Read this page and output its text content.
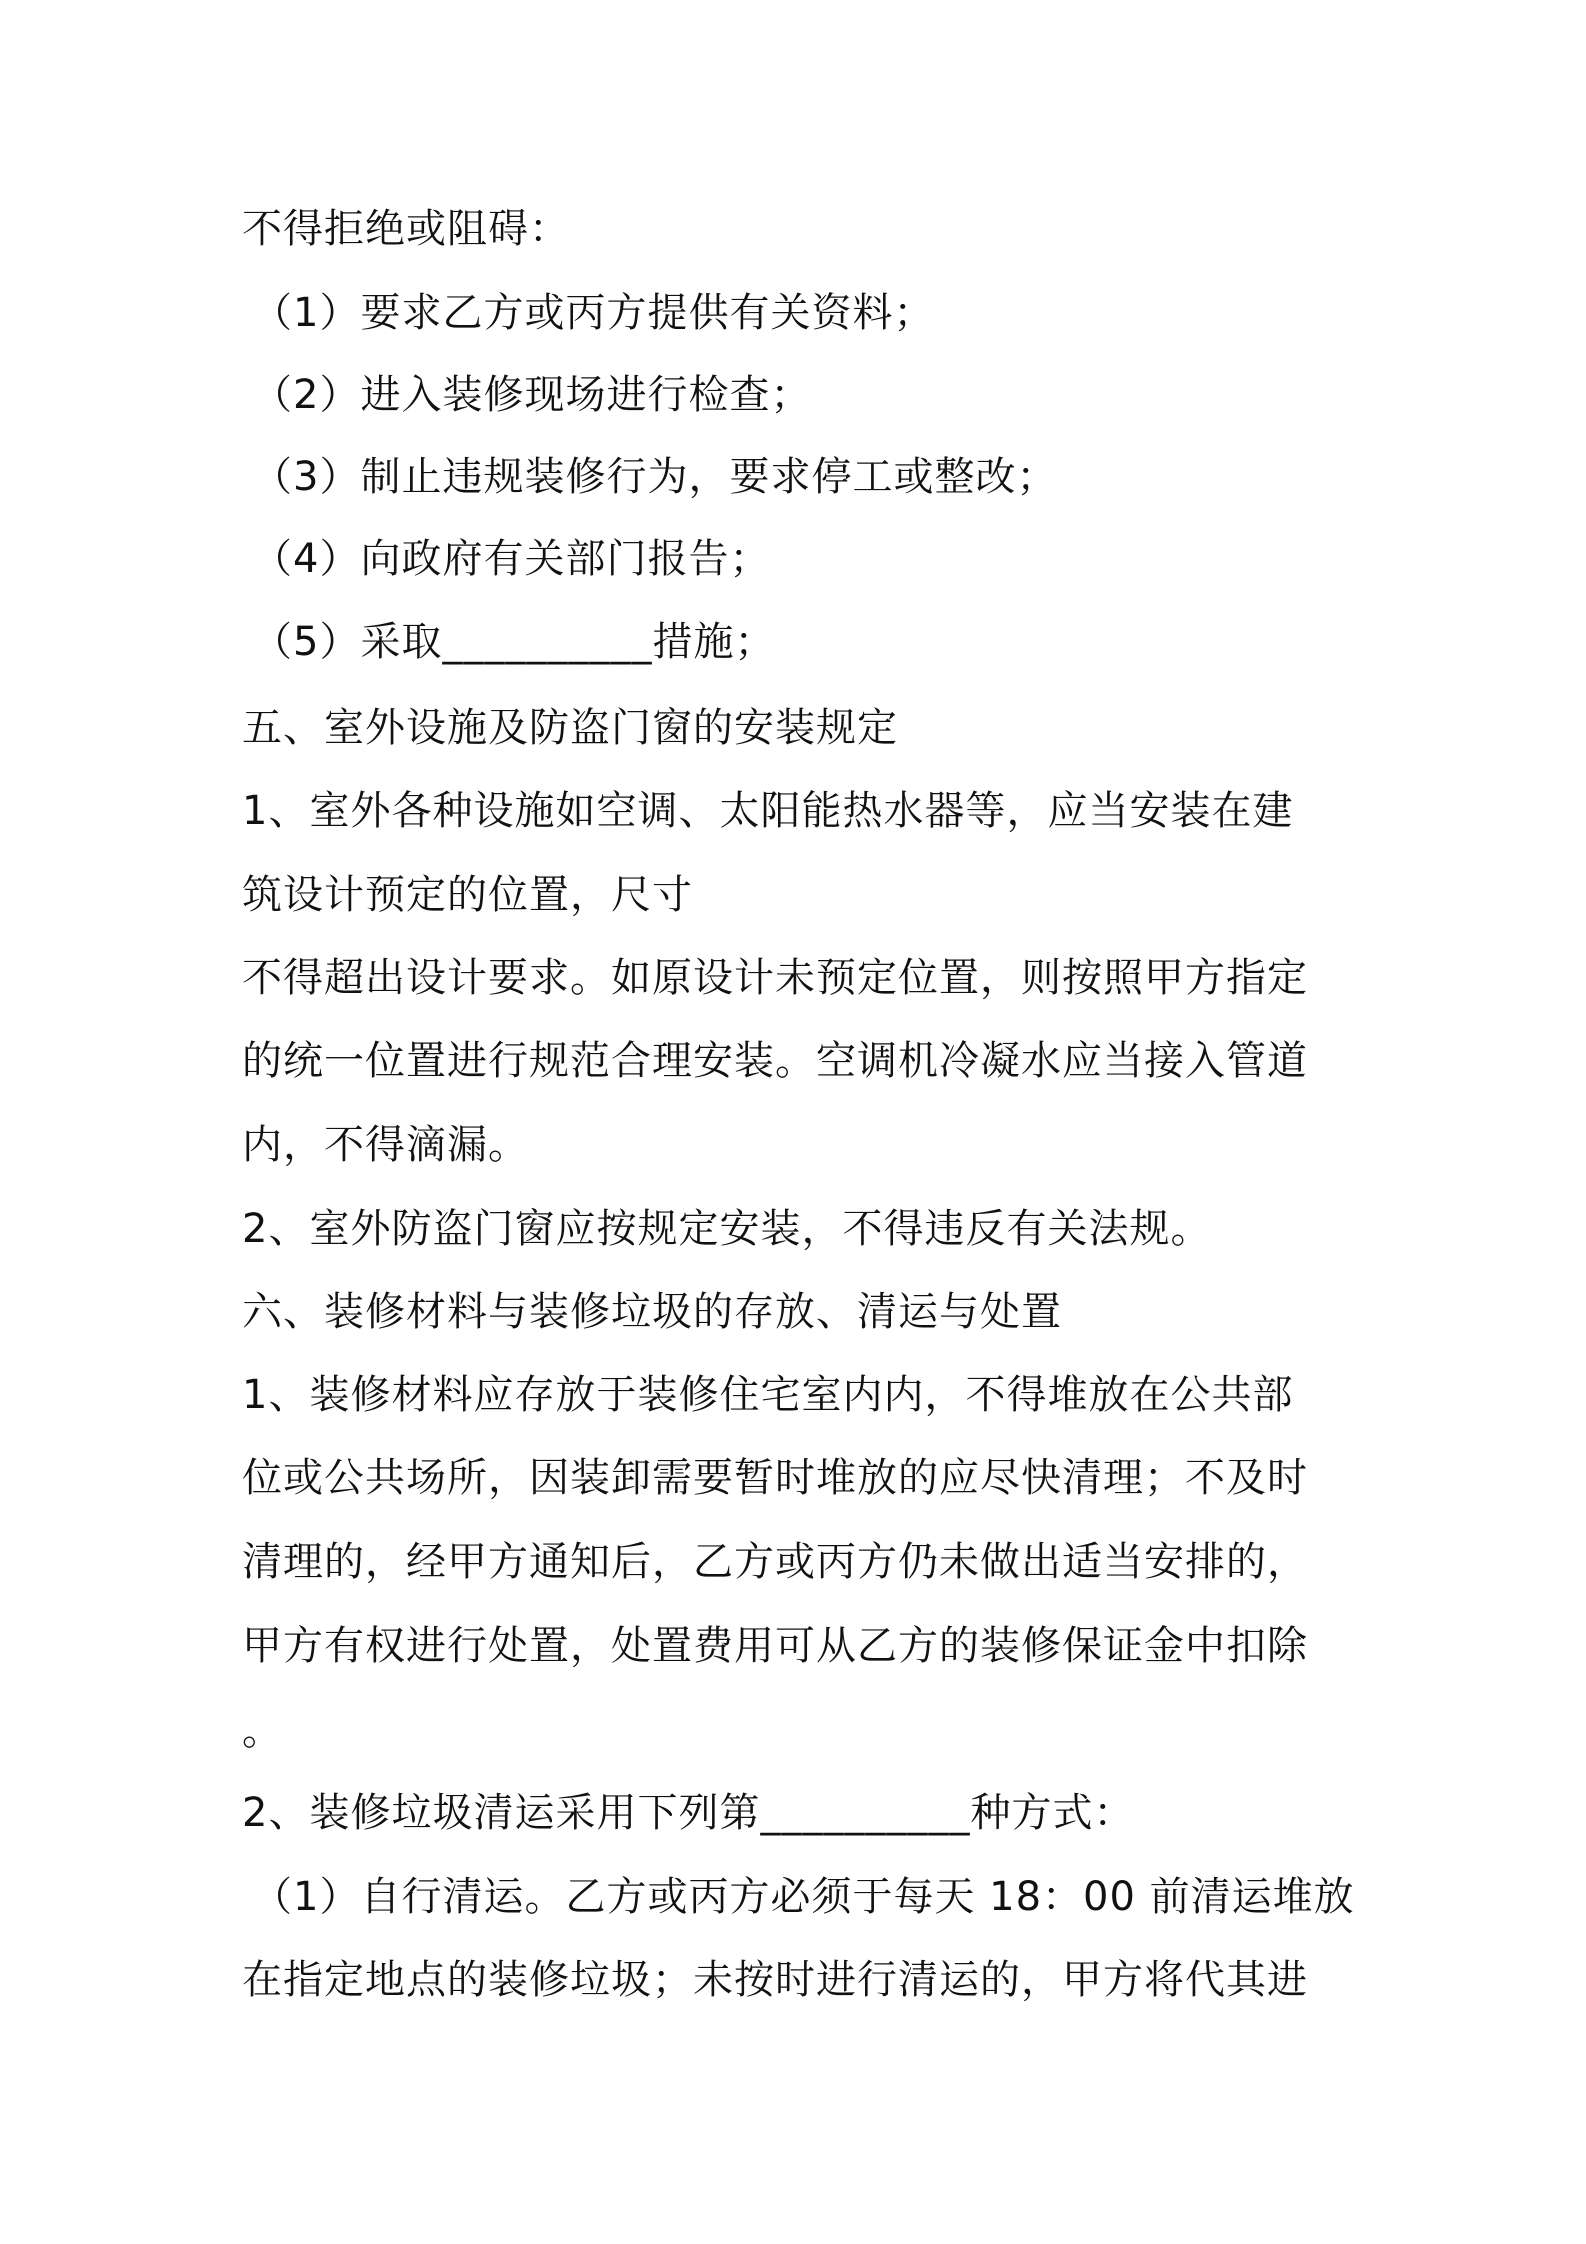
不得拒绝或阻碍：
（1）要求乙方或丙方提供有关资料；
（2）进入装修现场进行检查；
（3）制止违规装修行为，要求停工或整改；
（4）向政府有关部门报告；
（5）采取__________措施；
五、室外设施及防盗门窗的安装规定
1、室外各种设施如空调、太阳能热水器等，应当安装在建
筑设计预定的位置，尺寸
不得超出设计要求。如原设计未预定位置，则按照甲方指定
的统一位置进行规范合理安装。空调机冷凝水应当接入管道
内，不得滴漏。
2、室外防盗门窗应按规定安装，不得违反有关法规。
六、装修材料与装修垃圾的存放、清运与处置
1、装修材料应存放于装修住宅室内内，不得堆放在公共部
位或公共场所，因装卸需要暂时堆放的应尽快清理；不及时
清理的，经甲方通知后，乙方或丙方仍未做出适当安排的，
甲方有权进行处置，处置费用可从乙方的装修保证金中扣除
。
2、装修垃圾清运采用下列第__________种方式：
（1）自行清运。乙方或丙方必须于每天 18：00 前清运堆放
在指定地点的装修垃圾；未按时进行清运的，甲方将代其进
